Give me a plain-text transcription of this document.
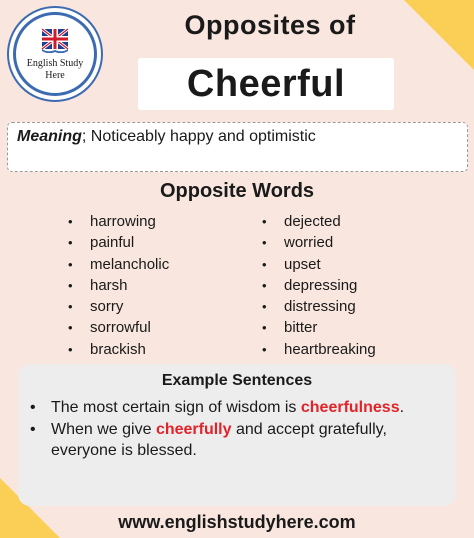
English Study
Here
Opposites of
Cheerful
Meaning; Noticeably happy and optimistic
Opposite Words
• harrowing
• painful
• melancholic
• harsh
• sorry
• sorrowful
• brackish
• dejected
• worried
• upset
• depressing
• distressing
• bitter
• heartbreaking
Example Sentences
• The most certain sign of wisdom is cheerfulness.
• When we give cheerfully and accept gratefully, everyone is blessed.
www.englishstudyhere.com
